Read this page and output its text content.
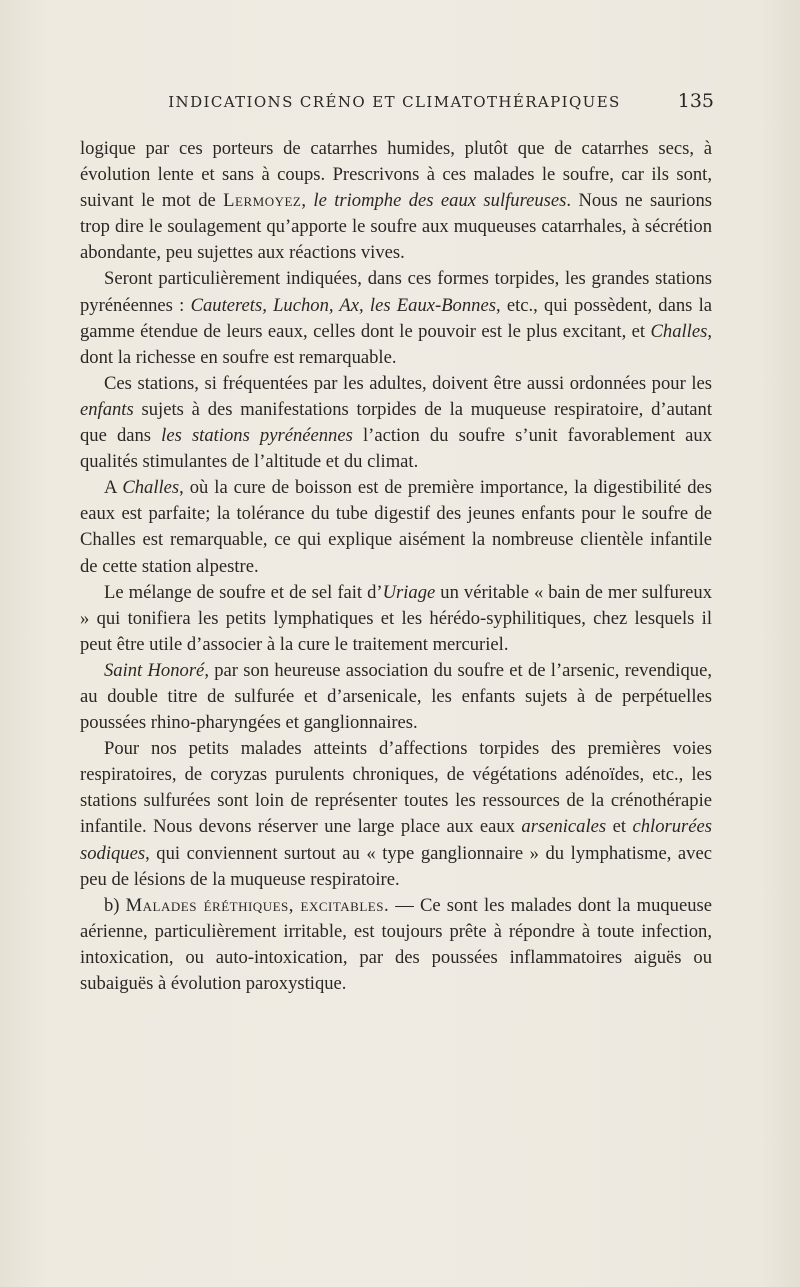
INDICATIONS CRÉNO ET CLIMATOTHÉRAPIQUES	135

logique par ces porteurs de catarrhes humides, plutôt que de catarrhes secs, à évolution lente et sans à coups. Prescrivons à ces malades le soufre, car ils sont, suivant le mot de Lermoyez, le triomphe des eaux sulfureuses. Nous ne saurions trop dire le soulagement qu’apporte le soufre aux muqueuses catarrhales, à sécrétion abondante, peu sujettes aux réactions vives.

Seront particulièrement indiquées, dans ces formes torpides, les grandes stations pyrénéennes : Cauterets, Luchon, Ax, les Eaux-Bonnes, etc., qui possèdent, dans la gamme étendue de leurs eaux, celles dont le pouvoir est le plus excitant, et Challes, dont la richesse en soufre est remarquable.

Ces stations, si fréquentées par les adultes, doivent être aussi ordonnées pour les enfants sujets à des manifestations torpides de la muqueuse respiratoire, d’autant que dans les stations pyrénéennes l’action du soufre s’unit favorablement aux qualités stimulantes de l’altitude et du climat.

A Challes, où la cure de boisson est de première importance, la digestibilité des eaux est parfaite; la tolérance du tube digestif des jeunes enfants pour le soufre de Challes est remarquable, ce qui explique aisément la nombreuse clientèle infantile de cette station alpestre.

Le mélange de soufre et de sel fait d’Uriage un véritable « bain de mer sulfureux » qui tonifiera les petits lymphatiques et les hérédo-syphilitiques, chez lesquels il peut être utile d’associer à la cure le traitement mercuriel.

Saint Honoré, par son heureuse association du soufre et de l’arsenic, revendique, au double titre de sulfurée et d’arsenicale, les enfants sujets à de perpétuelles poussées rhino-pharyngées et ganglionnaires.

Pour nos petits malades atteints d’affections torpides des premières voies respiratoires, de coryzas purulents chroniques, de végétations adénoïdes, etc., les stations sulfurées sont loin de représenter toutes les ressources de la crénothérapie infantile. Nous devons réserver une large place aux eaux arsenicales et chlorurées sodiques, qui conviennent surtout au « type ganglionnaire » du lymphatisme, avec peu de lésions de la muqueuse respiratoire.

b) Malades éréthiques, excitables. — Ce sont les malades dont la muqueuse aérienne, particulièrement irritable, est toujours prête à répondre à toute infection, intoxication, ou auto-intoxication, par des poussées inflammatoires aiguës ou subaiguës à évolution paroxystique.
